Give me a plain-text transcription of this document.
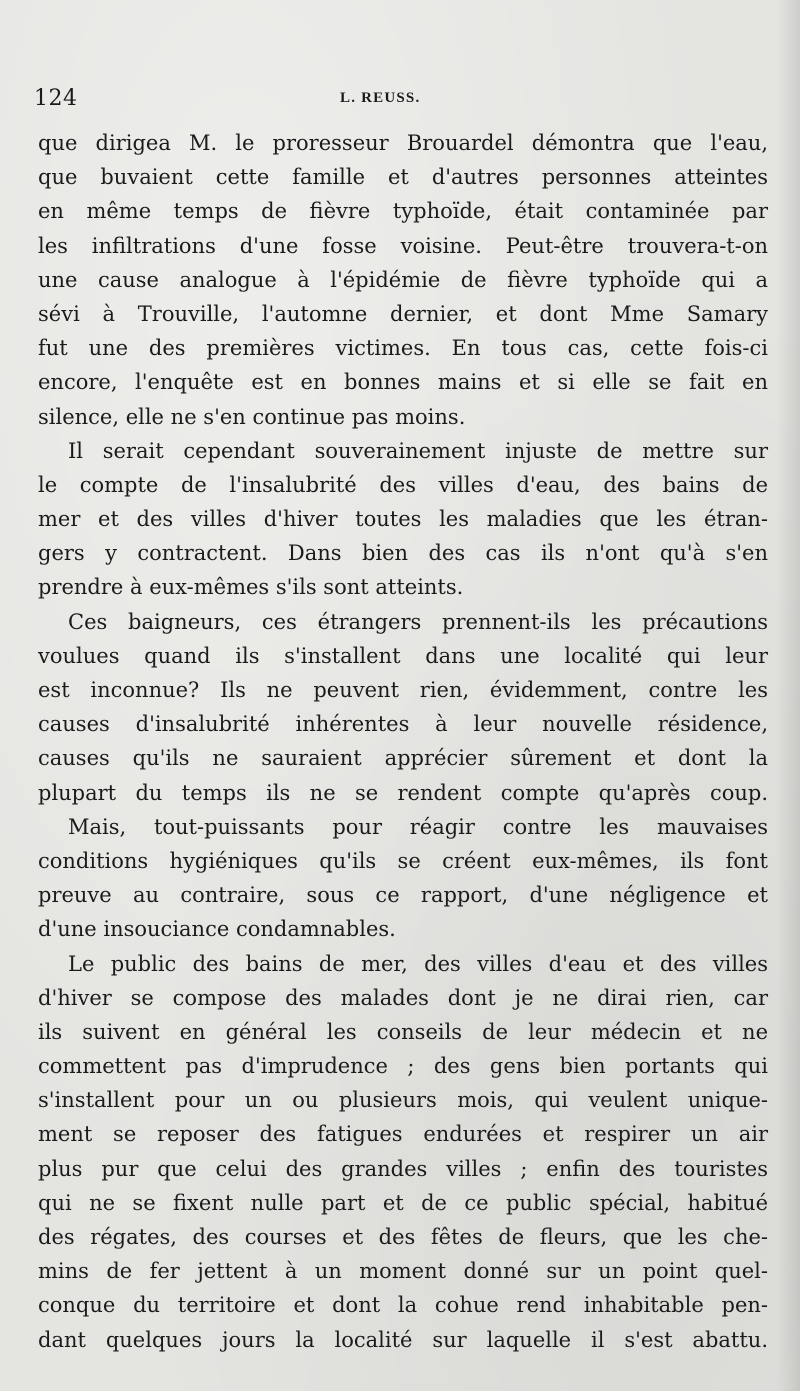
124	L. REUSS.
que dirigea M. le proresseur Brouardel démontra que l'eau,
que buvaient cette famille et d'autres personnes atteintes
en même temps de fièvre typhoïde, était contaminée par
les infiltrations d'une fosse voisine. Peut-être trouvera-t-on
une cause analogue à l'épidémie de fièvre typhoïde qui a
sévi à Trouville, l'automne dernier, et dont Mme Samary
fut une des premières victimes. En tous cas, cette fois-ci
encore, l'enquête est en bonnes mains et si elle se fait en
silence, elle ne s'en continue pas moins.
Il serait cependant souverainement injuste de mettre sur
le compte de l'insalubrité des villes d'eau, des bains de
mer et des villes d'hiver toutes les maladies que les étran-
gers y contractent. Dans bien des cas ils n'ont qu'à s'en
prendre à eux-mêmes s'ils sont atteints.
Ces baigneurs, ces étrangers prennent-ils les précautions
voulues quand ils s'installent dans une localité qui leur
est inconnue? Ils ne peuvent rien, évidemment, contre les
causes d'insalubrité inhérentes à leur nouvelle résidence,
causes qu'ils ne sauraient apprécier sûrement et dont la
plupart du temps ils ne se rendent compte qu'après coup.
Mais, tout-puissants pour réagir contre les mauvaises
conditions hygiéniques qu'ils se créent eux-mêmes, ils font
preuve au contraire, sous ce rapport, d'une négligence et
d'une insouciance condamnables.
Le public des bains de mer, des villes d'eau et des villes
d'hiver se compose des malades dont je ne dirai rien, car
ils suivent en général les conseils de leur médecin et ne
commettent pas d'imprudence ; des gens bien portants qui
s'installent pour un ou plusieurs mois, qui veulent unique-
ment se reposer des fatigues endurées et respirer un air
plus pur que celui des grandes villes ; enfin des touristes
qui ne se fixent nulle part et de ce public spécial, habitué
des régates, des courses et des fêtes de fleurs, que les che-
mins de fer jettent à un moment donné sur un point quel-
conque du territoire et dont la cohue rend inhabitable pen-
dant quelques jours la localité sur laquelle il s'est abattu.
